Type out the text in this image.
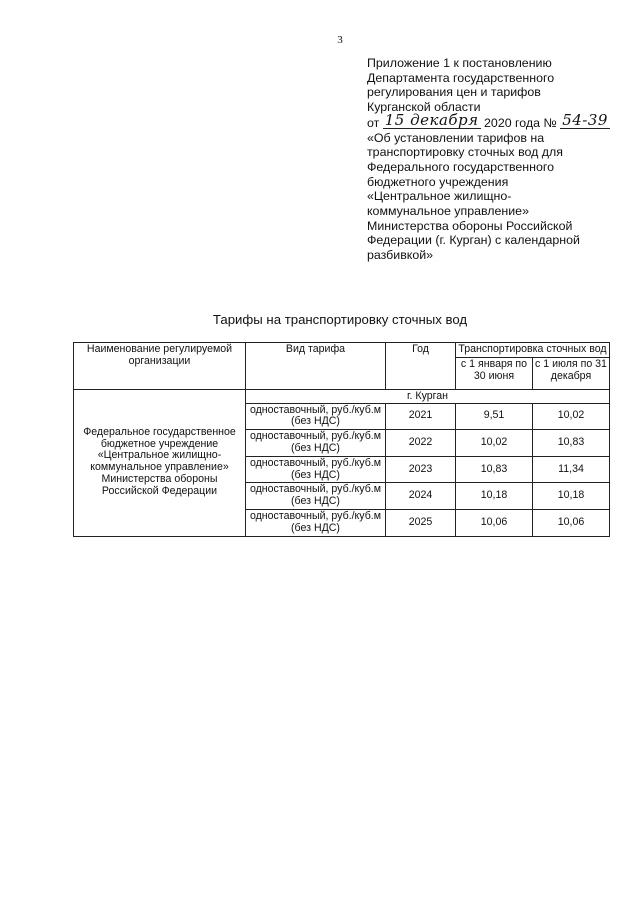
3
Приложение 1 к постановлению
Департамента государственного
регулирования цен и тарифов
Курганской области
от 15 декабря 2020 года № 54-39
«Об установлении тарифов на
транспортировку сточных вод для
Федерального государственного
бюджетного учреждения
«Центральное жилищно-
коммунальное управление»
Министерства обороны Российской
Федерации (г. Курган) с календарной
разбивкой»
Тарифы на транспортировку сточных вод
Наименование регулируемой организации	Вид тарифа	Год	Транспортировка сточных вод	
			с 1 января по 30 июня	с 1 июля по 31 декабря
Федеральное государственное бюджетное учреждение «Центральное жилищно-коммунальное управление» Министерства обороны Российской Федерации	г. Курган			
	одноставочный, руб./куб.м (без НДС)	2021	9,51	10,02
	одноставочный, руб./куб.м (без НДС)	2022	10,02	10,83
	одноставочный, руб./куб.м (без НДС)	2023	10,83	11,34
	одноставочный, руб./куб.м (без НДС)	2024	10,18	10,18
	одноставочный, руб./куб.м (без НДС)	2025	10,06	10,06
